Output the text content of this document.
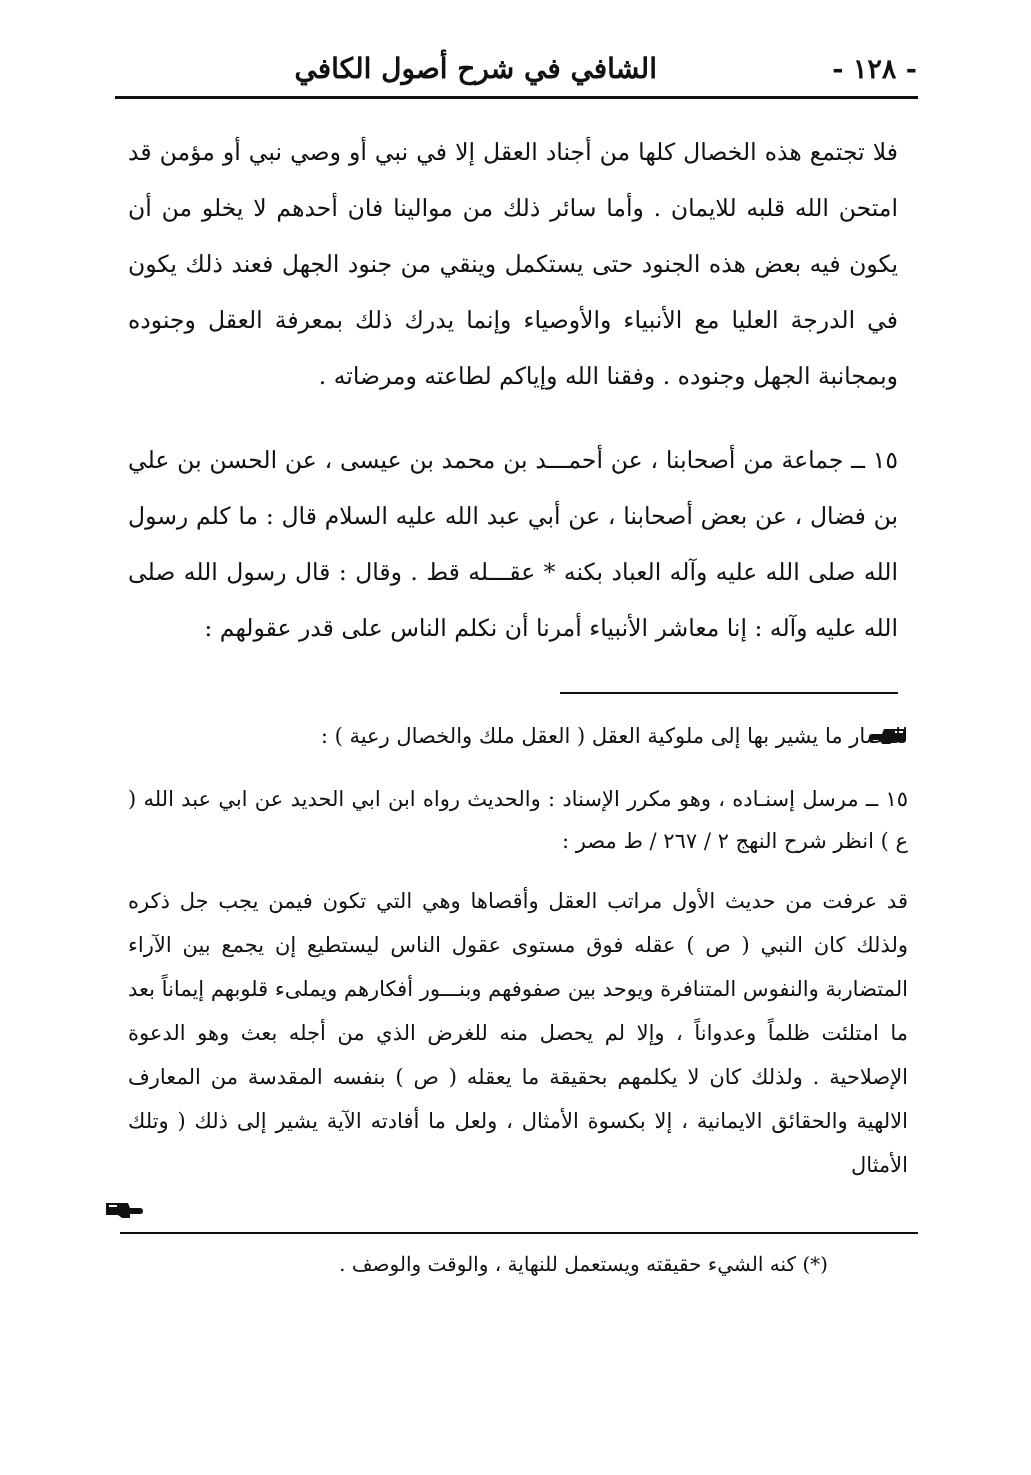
- ١٢٨ -
الشافي في شرح أصول الكافي
فلا تجتمع هذه الخصال كلها من أجناد العقل إلا في نبي أو وصي نبي أو مؤمن قد امتحن الله قلبه للايمان . وأما سائر ذلك من موالينا فان أحدهم لا يخلو من أن يكون فيه بعض هذه الجنود حتى يستكمل وينقي من جنود الجهل فعند ذلك يكون في الدرجة العليا مع الأنبياء والأوصياء وإنما يدرك ذلك بمعرفة العقل وجنوده وبمجانبة الجهل وجنوده . وفقنا الله وإياكم لطاعته ومرضاته .
١٥ ــ جماعة من أصحابنا ، عن أحمـــد بن محمد بن عيسى ، عن الحسن بن علي بن فضال ، عن بعض أصحابنا ، عن أبي عبد الله عليه السلام قال : ما كلم رسول الله صلى الله عليه وآله العباد بكنه * عقـــله قط . وقال : قال رسول الله صلى الله عليه وآله : إنا معاشر الأنبياء أمرنا أن نكلم الناس على قدر عقولهم :
للقصار ما يشير بها إلى ملوكية العقل ( العقل ملك والخصال رعية ) :
١٥ ــ مرسل إسنـاده ، وهو مكرر الإسناد : والحديث رواه ابن ابي الحديد عن ابي عبد الله ( ع ) انظر شرح النهج ٢ / ٢٦٧ / ط مصر :
قد عرفت من حديث الأول مراتب العقل وأقصاها وهي التي تكون فيمن يجب جل ذكره ولذلك كان النبي ( ص ) عقله فوق مستوى عقول الناس ليستطيع إن يجمع بين الآراء المتضاربة والنفوس المتنافرة ويوحد بين صفوفهم وبنـــور أفكارهم ويملىء قلوبهم إيماناً بعد ما امتلئت ظلماً وعدواناً ، وإلا لم يحصل منه للغرض الذي من أجله بعث وهو الدعوة الإصلاحية . ولذلك كان لا يكلمهم بحقيقة ما يعقله ( ص ) بنفسه المقدسة من المعارف الالهية والحقائق الايمانية ، إلا بكسوة الأمثال ، ولعل ما أفادته الآية يشير إلى ذلك ( وتلك الأمثال
(*) كنه الشيء حقيقته ويستعمل للنهاية ، والوقت والوصف .
